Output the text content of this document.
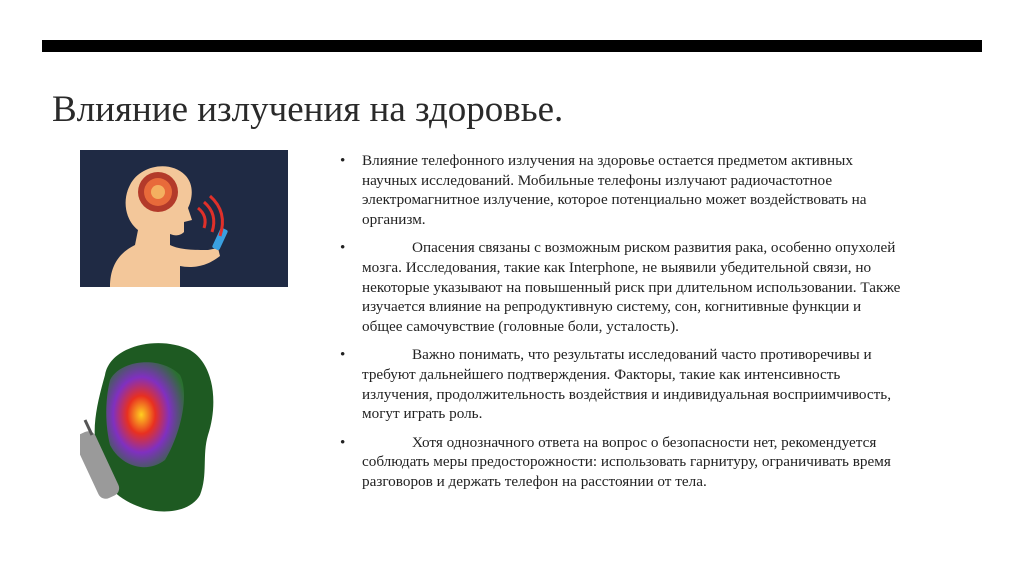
Влияние излучения на здоровье.
• Влияние телефонного излучения на здоровье остается предметом активных
научных исследований. Мобильные телефоны излучают радиочастотное
электромагнитное излучение, которое потенциально может воздействовать на
организм.
•	Опасения связаны с возможным риском развития рака, особенно опухолей
мозга. Исследования, такие как Interphone, не выявили убедительной связи, но
некоторые указывают на повышенный риск при длительном использовании. Также
изучается влияние на репродуктивную систему, сон, когнитивные функции и
общее самочувствие (головные боли, усталость).
•	Важно понимать, что результаты исследований часто противоречивы и
требуют дальнейшего подтверждения. Факторы, такие как интенсивность
излучения, продолжительность воздействия и индивидуальная восприимчивость,
могут играть роль.
•	Хотя однозначного ответа на вопрос о безопасности нет, рекомендуется
соблюдать меры предосторожности: использовать гарнитуру, ограничивать время
разговоров и держать телефон на расстоянии от тела.
